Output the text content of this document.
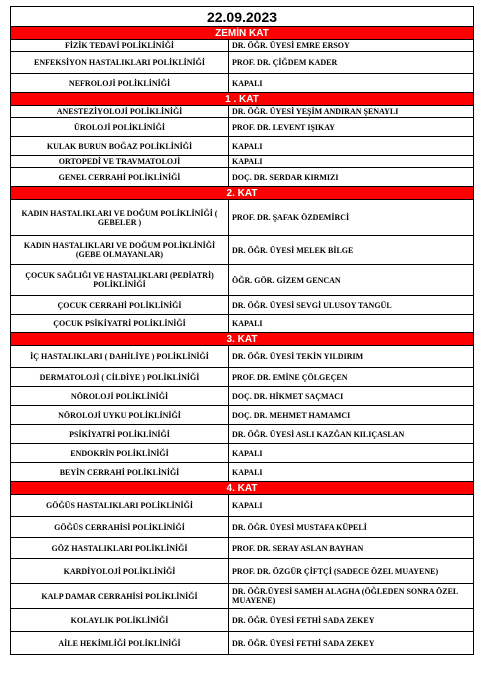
22.09.2023	
ZEMİN KAT	
FİZİK TEDAVİ POLİKLİNİĞİ	DR. ÖĞR. ÜYESİ EMRE ERSOY
ENFEKSİYON HASTALIKLARI POLİKLİNİĞİ	PROF. DR. ÇİĞDEM KADER
NEFROLOJİ POLİKLİNİĞİ	KAPALI
1 . KAT	
ANESTEZİYOLOJİ POLİKLİNİĞİ	DR. ÖĞR. ÜYESİ YEŞİM ANDIRAN ŞENAYLI
ÜROLOJİ POLİKLİNİĞİ	PROF. DR. LEVENT IŞIKAY
KULAK BURUN BOĞAZ POLİKLİNİĞİ	KAPALI
ORTOPEDİ VE TRAVMATOLOJİ	KAPALI
GENEL CERRAHİ POLİKLİNİĞİ	DOÇ. DR. SERDAR KIRMIZI
2. KAT	
KADIN HASTALIKLARI VE DOĞUM POLİKLİNİĞİ ( GEBELER )	PROF. DR. ŞAFAK ÖZDEMİRCİ
KADIN HASTALIKLARI VE DOĞUM POLİKLİNİĞİ (GEBE OLMAYANLAR)	DR. ÖĞR. ÜYESİ MELEK BİLGE
ÇOCUK SAĞLIĞI VE HASTALIKLARI (PEDİATRİ) POLİKLİNİĞİ	ÖĞR. GÖR. GİZEM GENCAN
ÇOCUK CERRAHİ POLİKLİNİĞİ	DR. ÖĞR. ÜYESİ SEVGİ ULUSOY TANGÜL
ÇOCUK PSİKİYATRİ POLİKLİNİĞİ	KAPALI
3. KAT	
İÇ HASTALIKLARI ( DAHİLİYE ) POLİKLİNİĞİ	DR. ÖĞR. ÜYESİ TEKİN YILDIRIM
DERMATOLOJİ ( CİLDİYE ) POLİKLİNİĞİ	PROF. DR. EMİNE ÇÖLGEÇEN
NÖROLOJİ POLİKLİNİĞİ	DOÇ. DR. HİKMET SAÇMACI
NÖROLOJİ UYKU POLİKLİNİĞİ	DOÇ. DR. MEHMET HAMAMCI
PSİKİYATRİ POLİKLİNİĞİ	DR. ÖĞR. ÜYESİ ASLI KAZĞAN KILIÇASLAN
ENDOKRİN POLİKLİNİĞİ	KAPALI
BEYİN CERRAHİ POLİKLİNİĞİ	KAPALI
4. KAT	
GÖĞÜS HASTALIKLARI POLİKLİNİĞİ	KAPALI
GÖĞÜS CERRAHİSİ POLİKLİNİĞİ	DR. ÖĞR. ÜYESİ MUSTAFA KÜPELİ
GÖZ HASTALIKLARI POLİKLİNİĞİ	PROF. DR. SERAY ASLAN BAYHAN
KARDİYOLOJİ POLİKLİNİĞİ	PROF. DR. ÖZGÜR ÇİFTÇİ (SADECE ÖZEL MUAYENE)
KALP DAMAR CERRAHİSİ POLİKLİNİĞİ	DR. ÖĞR.ÜYESİ SAMEH ALAGHA (ÖĞLEDEN SONRA ÖZEL MUAYENE)
KOLAYLIK POLİKLİNİĞİ	DR. ÖĞR. ÜYESİ FETHİ SADA ZEKEY
AİLE HEKİMLİĞİ POLİKLİNİĞİ	DR. ÖĞR. ÜYESİ FETHİ SADA ZEKEY
